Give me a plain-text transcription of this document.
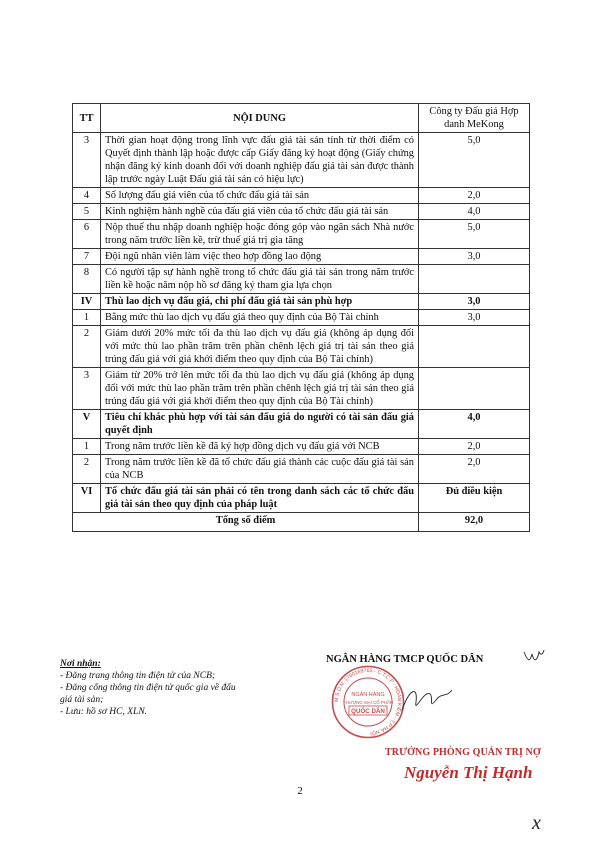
TT	NỘI DUNG	Công ty Đấu giá Hợp danh MeKong
3	Thời gian hoạt động trong lĩnh vực đấu giá tài sản tính từ thời điểm có Quyết định thành lập hoặc được cấp Giấy đăng ký hoạt động (Giấy chứng nhận đăng ký kinh doanh đối với doanh nghiệp đấu giá tài sản được thành lập trước ngày Luật Đấu giá tài sản có hiệu lực)	5,0
4	Số lượng đấu giá viên của tổ chức đấu giá tài sản	2,0
5	Kinh nghiệm hành nghề của đấu giá viên của tổ chức đấu giá tài sản	4,0
6	Nộp thuế thu nhập doanh nghiệp hoặc đóng góp vào ngân sách Nhà nước trong năm trước liền kề, trừ thuế giá trị gia tăng	5,0
7	Đội ngũ nhân viên làm việc theo hợp đồng lao động	3,0
8	Có người tập sự hành nghề trong tổ chức đấu giá tài sản trong năm trước liền kề hoặc năm nộp hồ sơ đăng ký tham gia lựa chọn	
IV	Thù lao dịch vụ đấu giá, chi phí đấu giá tài sản phù hợp	3,0
1	Bằng mức thù lao dịch vụ đấu giá theo quy định của Bộ Tài chính	3,0
2	Giảm dưới 20% mức tối đa thù lao dịch vụ đấu giá (không áp dụng đối với mức thù lao phần trăm trên phần chênh lệch giá trị tài sản theo giá trúng đấu giá với giá khởi điểm theo quy định của Bộ Tài chính)	
3	Giảm từ 20% trở lên mức tối đa thù lao dịch vụ đấu giá (không áp dụng đối với mức thù lao phần trăm trên phần chênh lệch giá trị tài sản theo giá trúng đấu giá với giá khởi điểm theo quy định của Bộ Tài chính)	
V	Tiêu chí khác phù hợp với tài sản đấu giá do người có tài sản đấu giá quyết định	4,0
1	Trong năm trước liền kề đã ký hợp đồng dịch vụ đấu giá với NCB	2,0
2	Trong năm trước liền kề đã tổ chức đấu giá thành các cuộc đấu giá tài sản của NCB	2,0
VI	Tổ chức đấu giá tài sản phải có tên trong danh sách các tổ chức đấu giá tài sản theo quy định của pháp luật	Đủ điều kiện
Tổng số điểm		92,0
Nơi nhận:
- Đăng trang thông tin điện tử của NCB;
- Đăng cổng thông tin điện tử quốc gia về đấu giá tài sản;
- Lưu: hồ sơ HC, XLN.
NGÂN HÀNG TMCP QUỐC DÂN
M.S.D.N: 1700169765 - C.T.C.P - HOÀN KIẾM - T.P HÀ NỘI
NGÂN HÀNG
THƯƠNG MẠI CỔ PHẦN
QUỐC DÂN
TRƯỞNG PHÒNG QUẢN TRỊ NỢ
Nguyễn Thị Hạnh
2
x
